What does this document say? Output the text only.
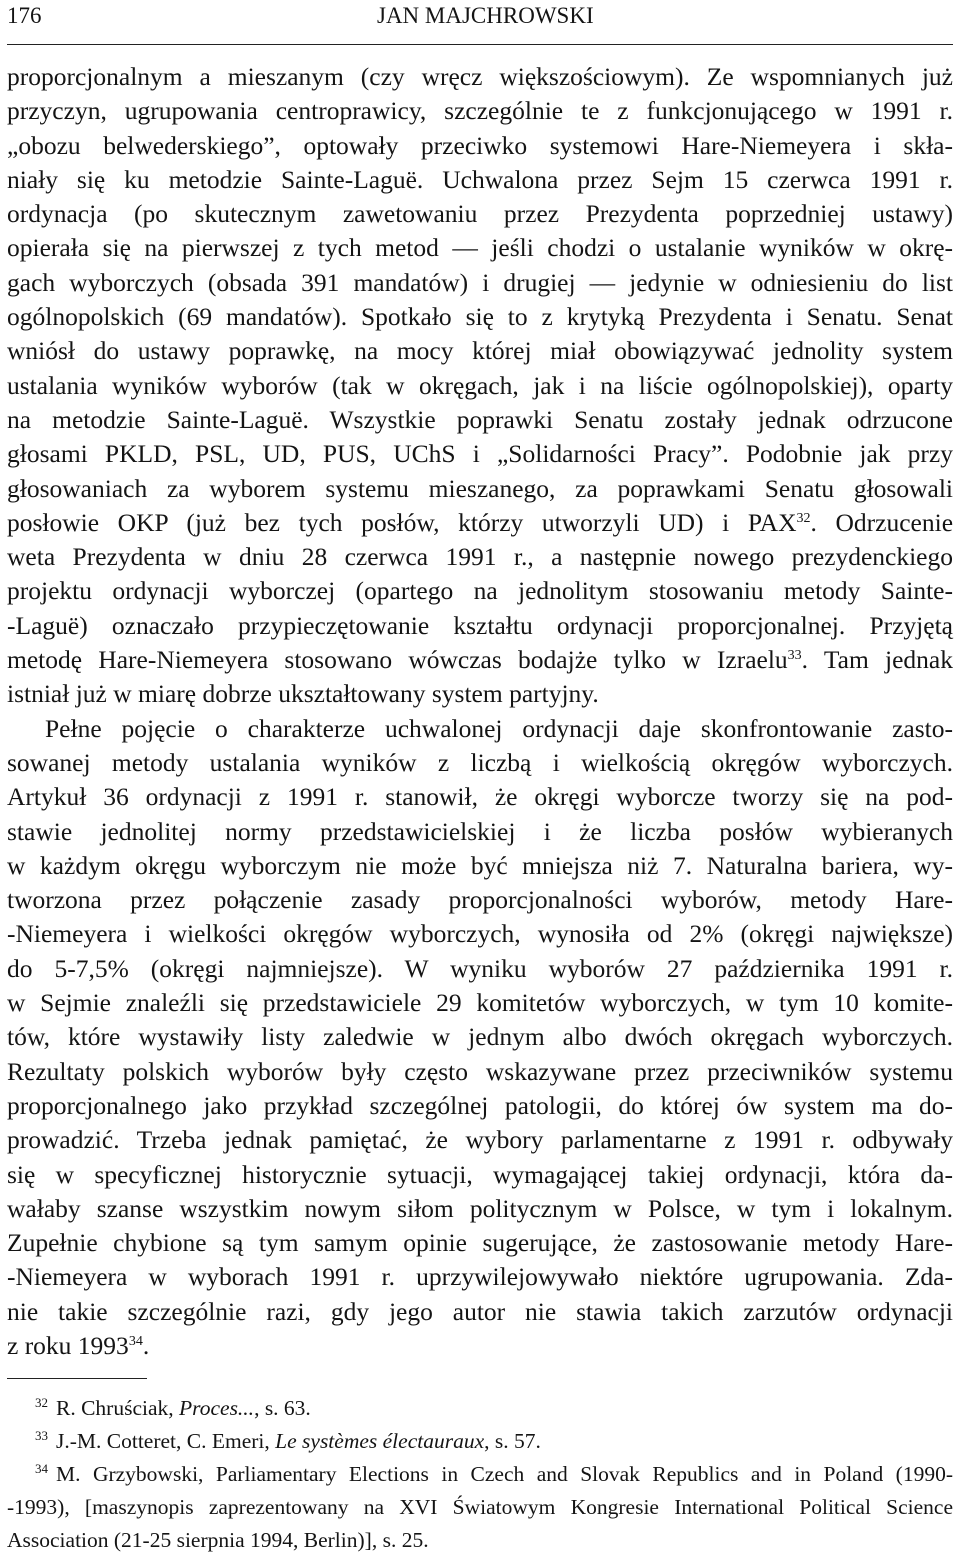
176	JAN MAJCHROWSKI
proporcjonalnym a mieszanym (czy wręcz większościowym). Ze wspomnianych już
przyczyn, ugrupowania centroprawicy, szczególnie te z funkcjonującego w 1991 r.
„obozu belwederskiego”, optowały przeciwko systemowi Hare-Niemeyera i skła-
niały się ku metodzie Sainte-Laguë. Uchwalona przez Sejm 15 czerwca 1991 r.
ordynacja (po skutecznym zawetowaniu przez Prezydenta poprzedniej ustawy)
opierała się na pierwszej z tych metod — jeśli chodzi o ustalanie wyników w okrę-
gach wyborczych (obsada 391 mandatów) i drugiej — jedynie w odniesieniu do list
ogólnopolskich (69 mandatów). Spotkało się to z krytyką Prezydenta i Senatu. Senat
wniósł do ustawy poprawkę, na mocy której miał obowiązywać jednolity system
ustalania wyników wyborów (tak w okręgach, jak i na liście ogólnopolskiej), oparty
na metodzie Sainte-Laguë. Wszystkie poprawki Senatu zostały jednak odrzucone
głosami PKLD, PSL, UD, PUS, UChS i „Solidarności Pracy”. Podobnie jak przy
głosowaniach za wyborem systemu mieszanego, za poprawkami Senatu głosowali
posłowie OKP (już bez tych posłów, którzy utworzyli UD) i PAX$^{32}$. Odrzucenie
weta Prezydenta w dniu 28 czerwca 1991 r., a następnie nowego prezydenckiego
projektu ordynacji wyborczej (opartego na jednolitym stosowaniu metody Sainte-
-Laguë) oznaczało przypieczętowanie kształtu ordynacji proporcjonalnej. Przyjętą
metodę Hare-Niemeyera stosowano wówczas bodajże tylko w Izraelu$^{33}$. Tam jednak
istniał już w miarę dobrze ukształtowany system partyjny.
Pełne pojęcie o charakterze uchwalonej ordynacji daje skonfrontowanie zasto-
sowanej metody ustalania wyników z liczbą i wielkością okręgów wyborczych.
Artykuł 36 ordynacji z 1991 r. stanowił, że okręgi wyborcze tworzy się na pod-
stawie jednolitej normy przedstawicielskiej i że liczba posłów wybieranych
w każdym okręgu wyborczym nie może być mniejsza niż 7. Naturalna bariera, wy-
tworzona przez połączenie zasady proporcjonalności wyborów, metody Hare-
-Niemeyera i wielkości okręgów wyborczych, wynosiła od 2% (okręgi największe)
do 5-7,5% (okręgi najmniejsze). W wyniku wyborów 27 października 1991 r.
w Sejmie znaleźli się przedstawiciele 29 komitetów wyborczych, w tym 10 komite-
tów, które wystawiły listy zaledwie w jednym albo dwóch okręgach wyborczych.
Rezultaty polskich wyborów były często wskazywane przez przeciwników systemu
proporcjonalnego jako przykład szczególnej patologii, do której ów system ma do-
prowadzić. Trzeba jednak pamiętać, że wybory parlamentarne z 1991 r. odbywały
się w specyficznej historycznie sytuacji, wymagającej takiej ordynacji, która da-
wałaby szanse wszystkim nowym siłom politycznym w Polsce, w tym i lokalnym.
Zupełnie chybione są tym samym opinie sugerujące, że zastosowanie metody Hare-
-Niemeyera w wyborach 1991 r. uprzywilejowywało niektóre ugrupowania. Zda-
nie takie szczególnie razi, gdy jego autor nie stawia takich zarzutów ordynacji
z roku 1993$^{34}$.
$^{32}$ R. Chruściak, Proces..., s. 63.
$^{33}$ J.-M. Cotteret, C. Emeri, Le systèmes électauraux, s. 57.
$^{34}$ M. Grzybowski, Parliamentary Elections in Czech and Slovak Republics and in Poland (1990-
-1993), [maszynopis zaprezentowany na XVI Światowym Kongresie International Political Science
Association (21-25 sierpnia 1994, Berlin)], s. 25.
